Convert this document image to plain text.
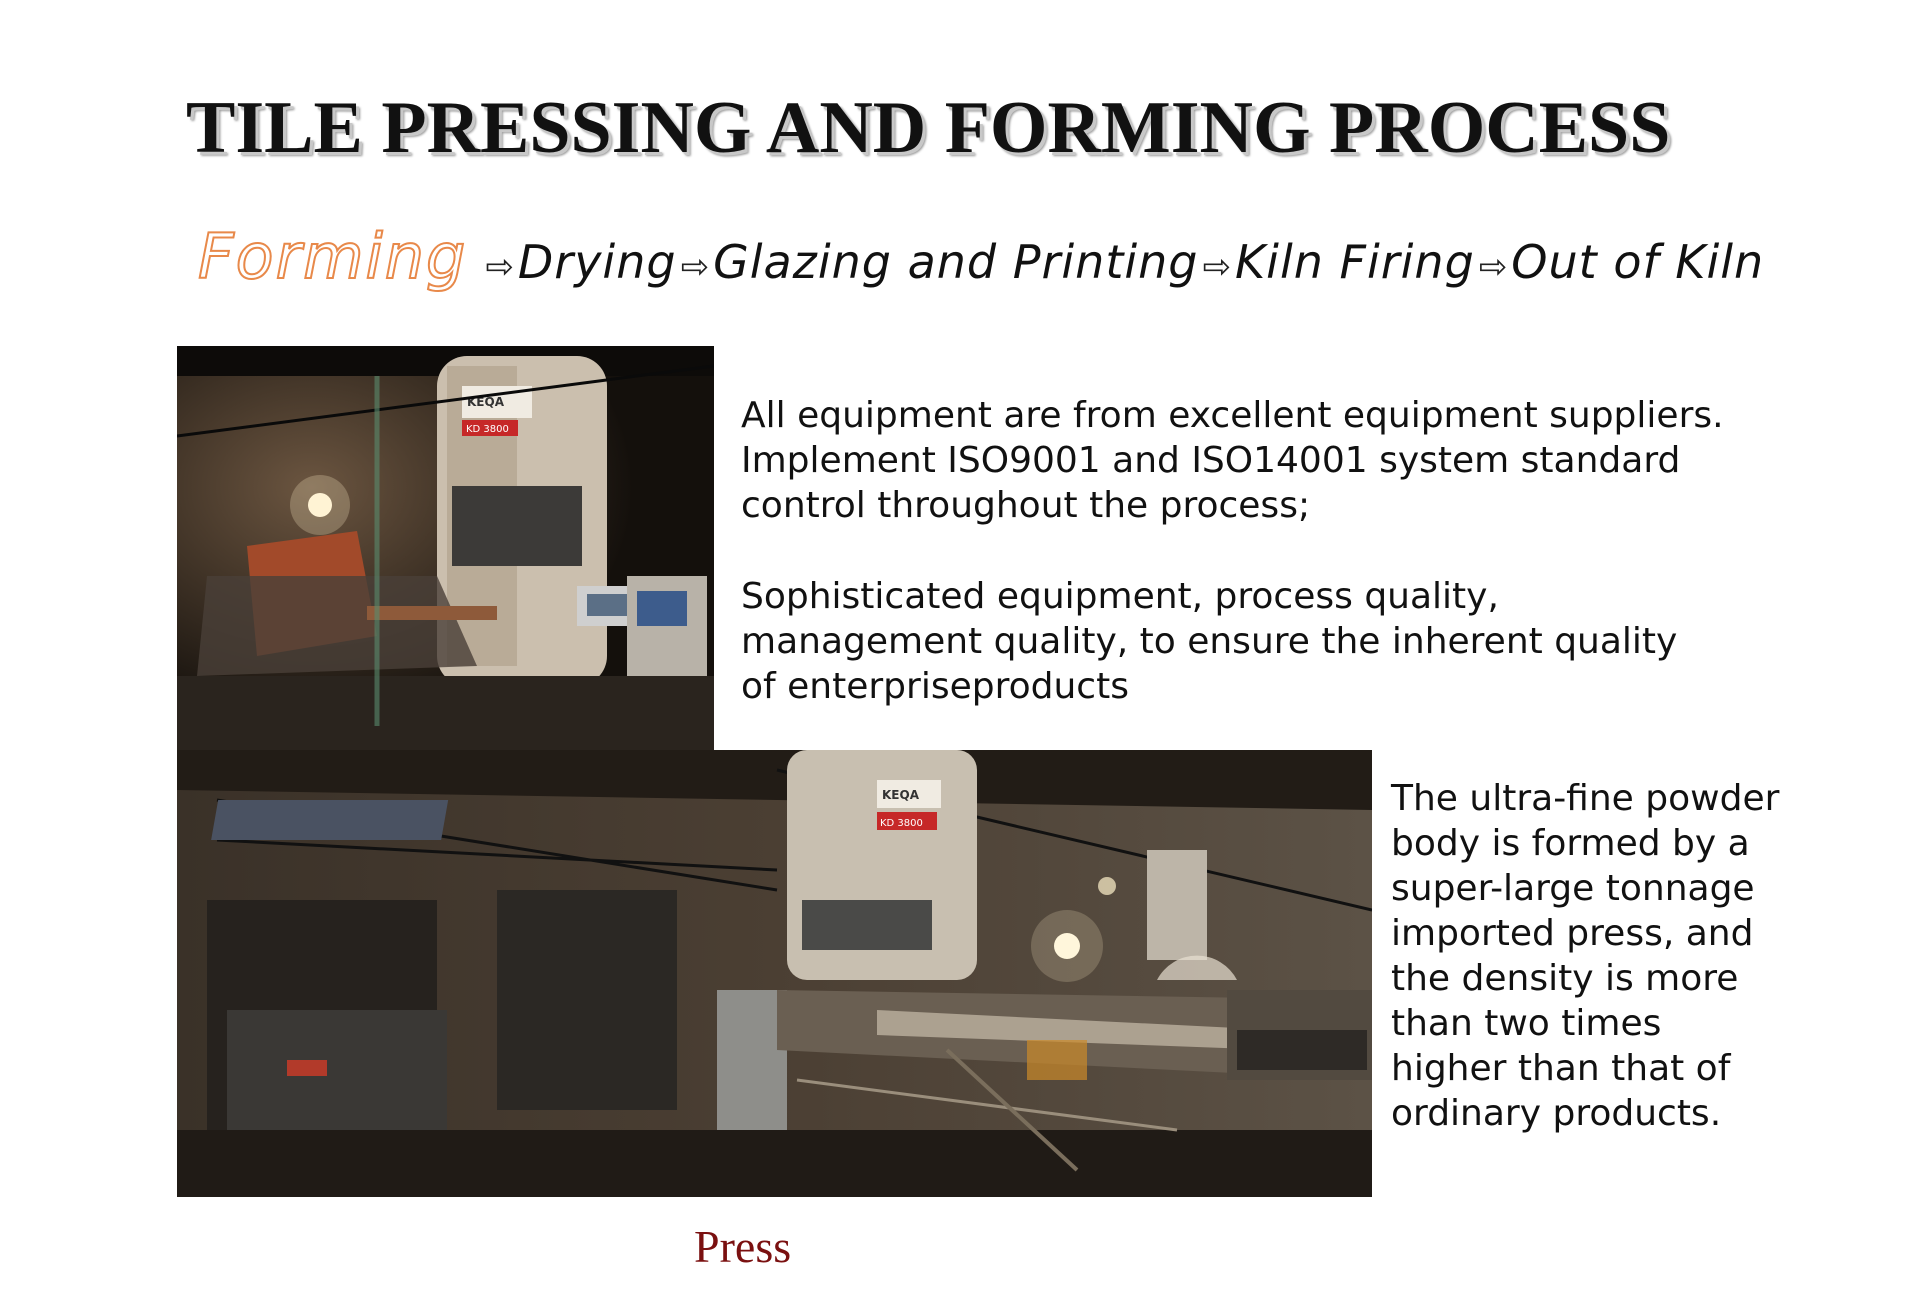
TILE PRESSING AND FORMING PROCESS
Forming ⇨ Drying ⇨ Glazing and Printing ⇨ Kiln Firing ⇨ Out of Kiln
KEQA
KD 3800	All equipment are from excellent equipment suppliers.
Implement ISO9001 and ISO14001 system standard
control throughout the process;

Sophisticated equipment, process quality,
management quality, to ensure the inherent quality
of enterpriseproducts

KEQA
KD 3800

The ultra-fine powder
body is formed by a
super-large tonnage
imported press, and
the density is more
than two times
higher than that of
ordinary products.

Press
